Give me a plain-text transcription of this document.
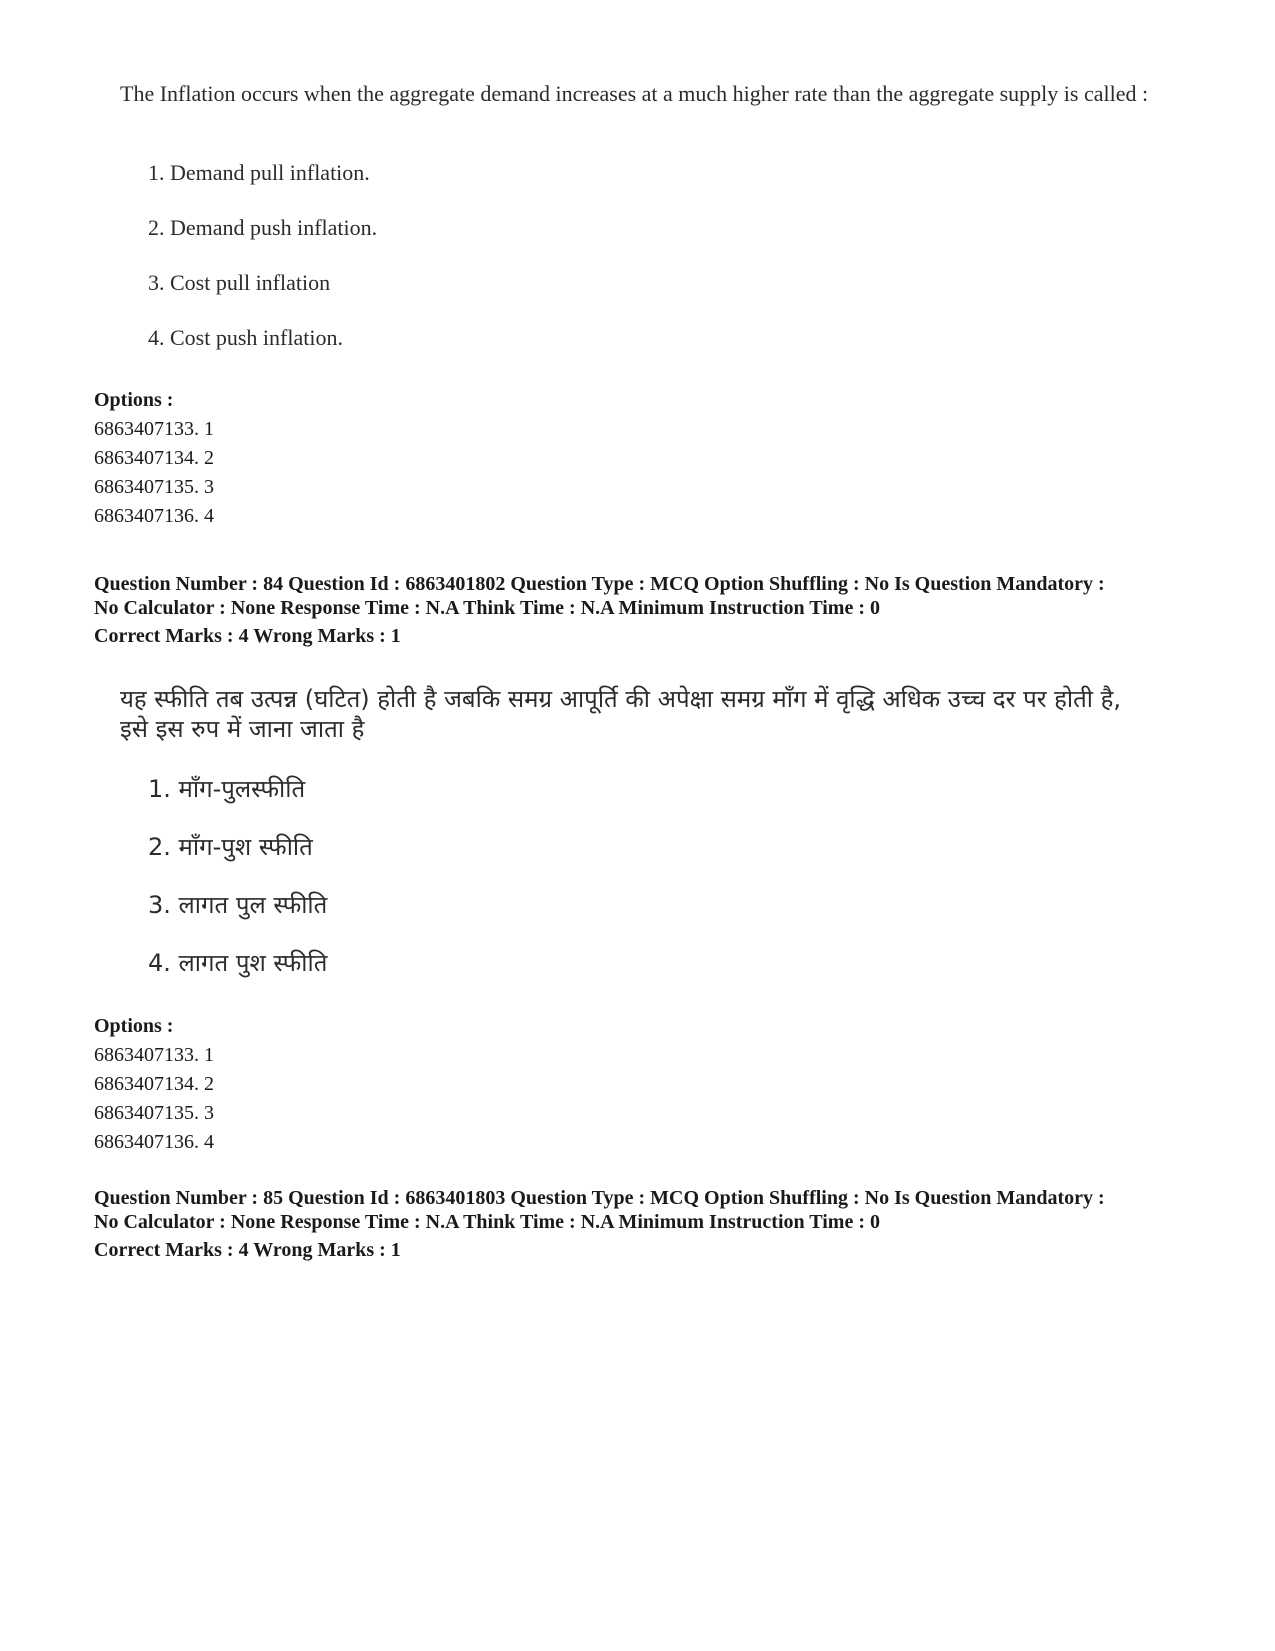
The Inflation occurs when the aggregate demand increases at a much higher rate than the aggregate supply is called :
1. Demand pull inflation.
2. Demand push inflation.
3. Cost pull inflation
4. Cost push inflation.
Options :
6863407133. 1
6863407134. 2
6863407135. 3
6863407136. 4
Question Number : 84 Question Id : 6863401802 Question Type : MCQ Option Shuffling : No Is Question Mandatory :
No Calculator : None Response Time : N.A Think Time : N.A Minimum Instruction Time : 0
Correct Marks : 4 Wrong Marks : 1
यह स्फीति तब उत्पन्न (घटित) होती है जबकि समग्र आपूर्ति की अपेक्षा समग्र माँग में वृद्धि अधिक उच्च दर पर होती है,
इसे इस रुप में जाना जाता है
1. माँग-पुलस्फीति
2. माँग-पुश स्फीति
3. लागत पुल स्फीति
4. लागत पुश स्फीति
Options :
6863407133. 1
6863407134. 2
6863407135. 3
6863407136. 4
Question Number : 85 Question Id : 6863401803 Question Type : MCQ Option Shuffling : No Is Question Mandatory :
No Calculator : None Response Time : N.A Think Time : N.A Minimum Instruction Time : 0
Correct Marks : 4 Wrong Marks : 1
